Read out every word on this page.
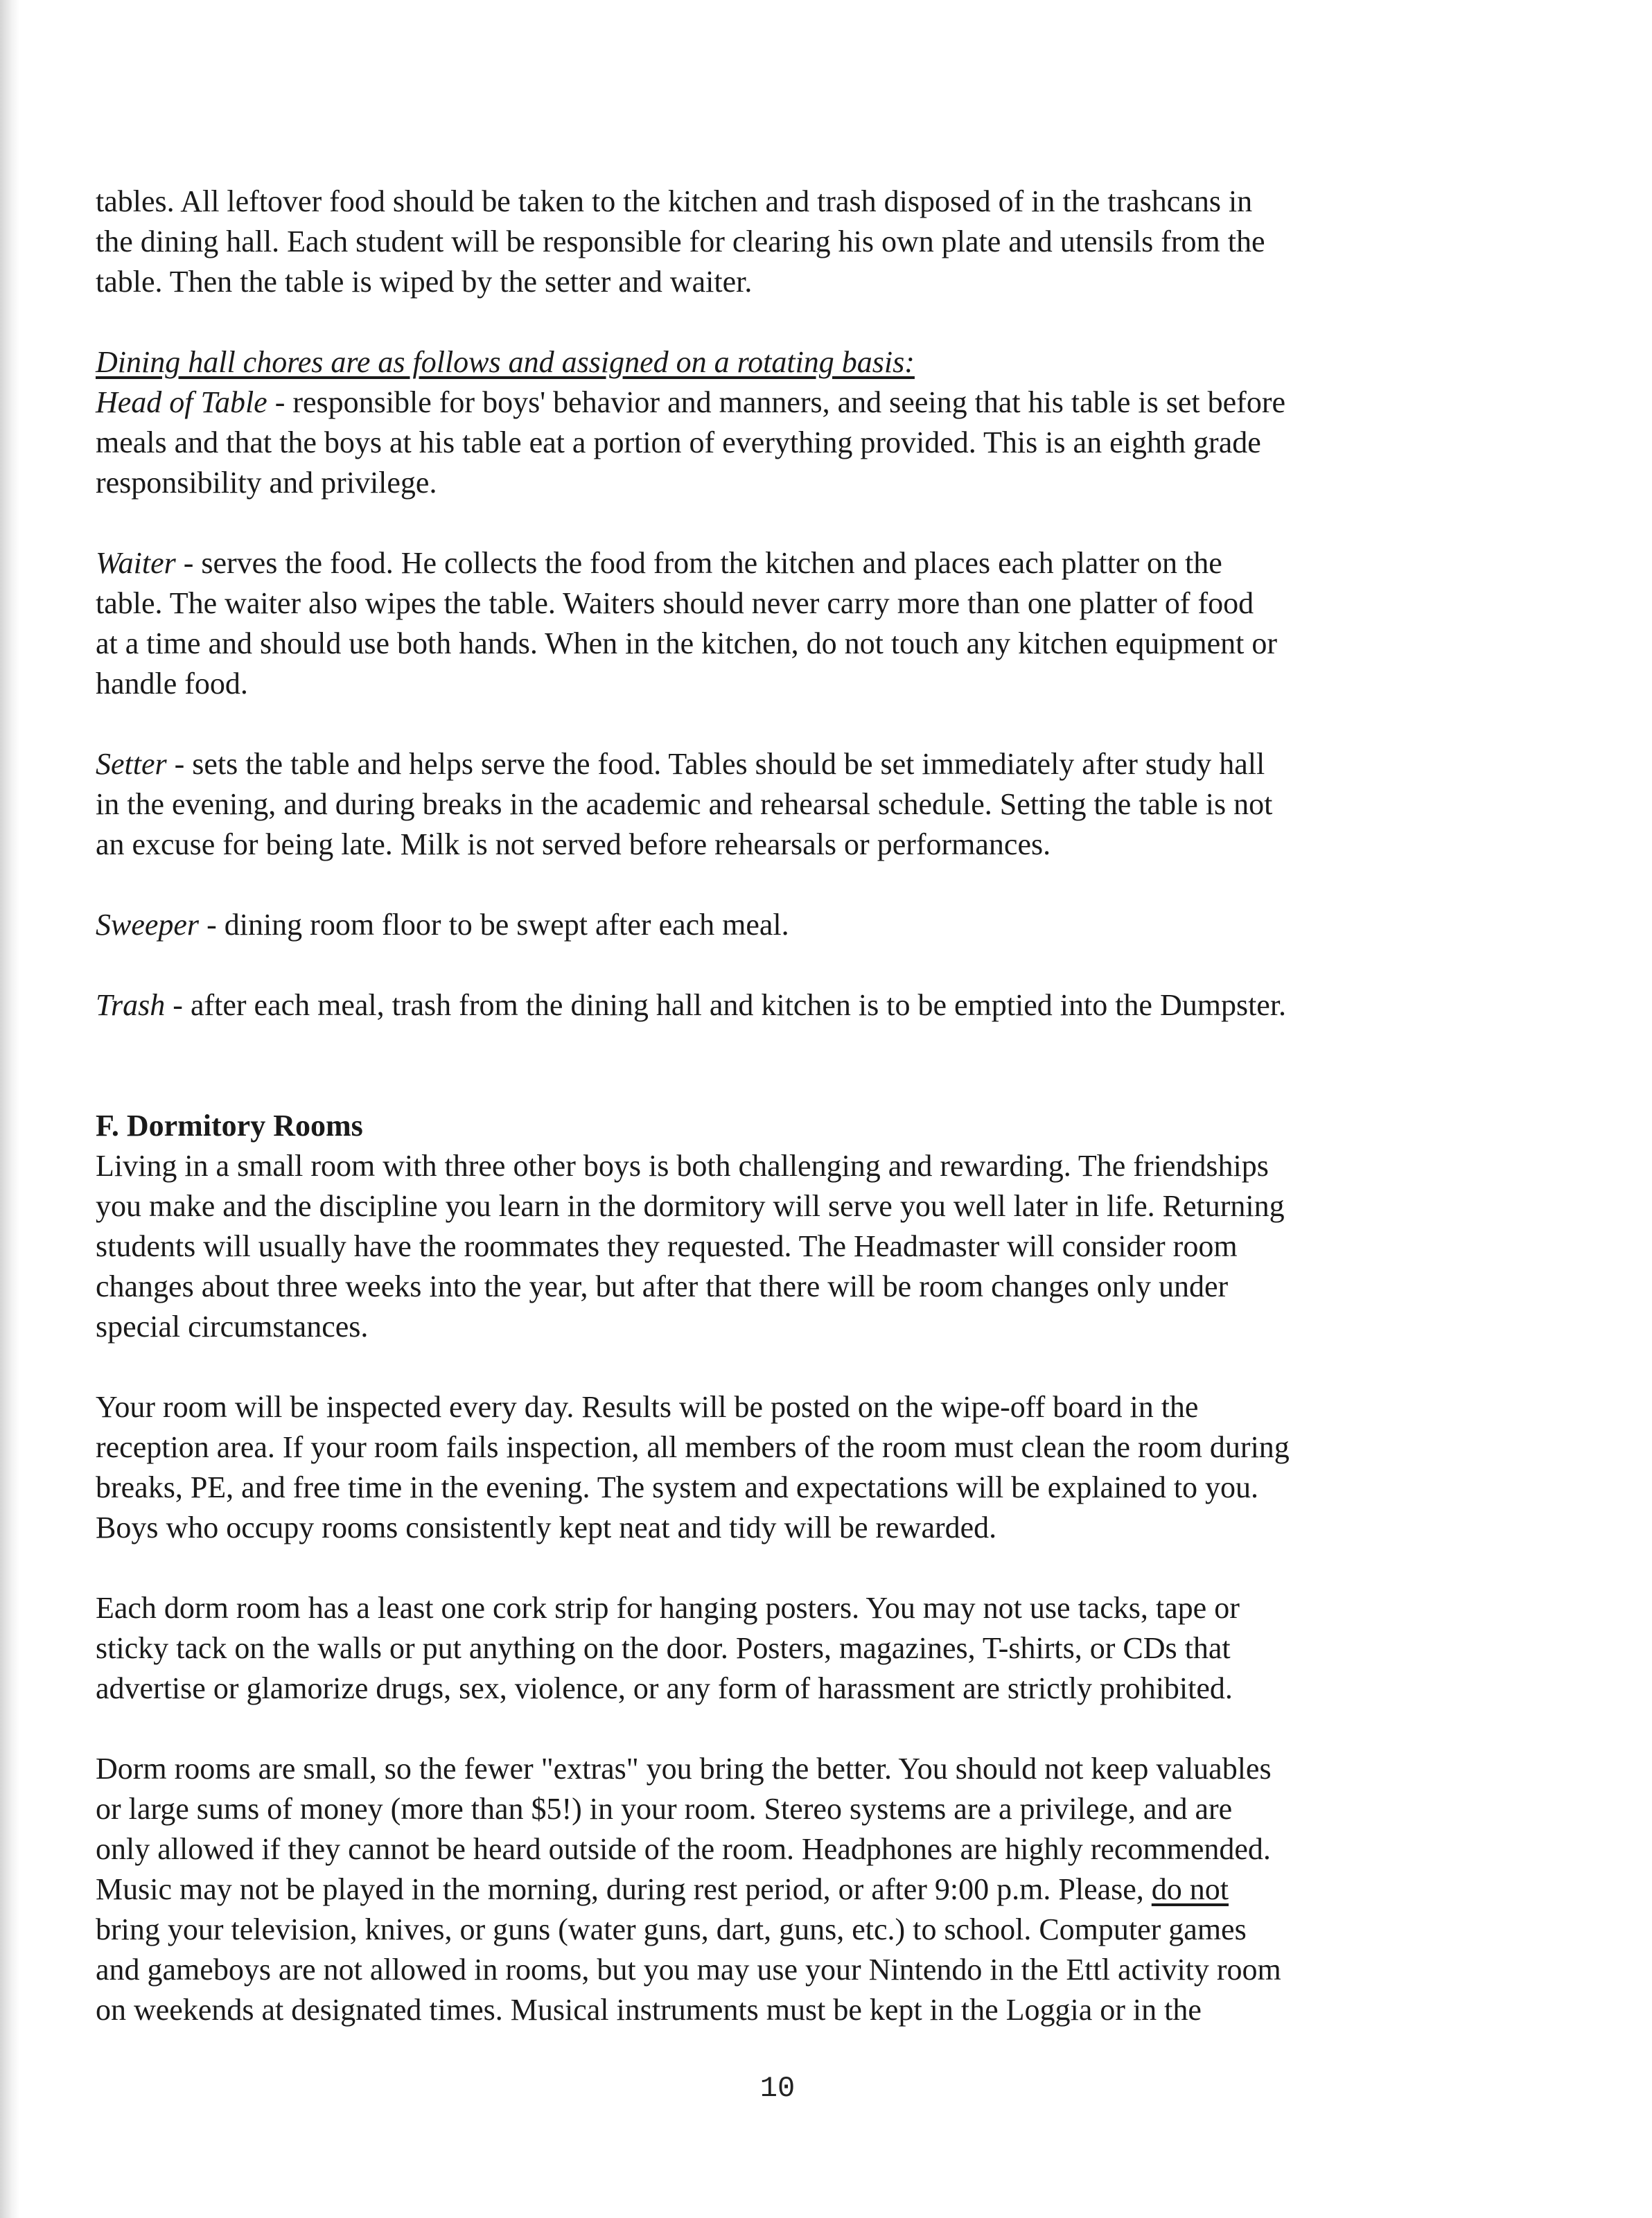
tables. All leftover food should be taken to the kitchen and trash disposed of in the trashcans in
the dining hall. Each student will be responsible for clearing his own plate and utensils from the
table. Then the table is wiped by the setter and waiter.
Dining hall chores are as follows and assigned on a rotating basis:
Head of Table - responsible for boys' behavior and manners, and seeing that his table is set before
meals and that the boys at his table eat a portion of everything provided. This is an eighth grade
responsibility and privilege.
Waiter - serves the food. He collects the food from the kitchen and places each platter on the
table. The waiter also wipes the table. Waiters should never carry more than one platter of food
at a time and should use both hands. When in the kitchen, do not touch any kitchen equipment or
handle food.
Setter - sets the table and helps serve the food. Tables should be set immediately after study hall
in the evening, and during breaks in the academic and rehearsal schedule. Setting the table is not
an excuse for being late. Milk is not served before rehearsals or performances.
Sweeper - dining room floor to be swept after each meal.
Trash - after each meal, trash from the dining hall and kitchen is to be emptied into the Dumpster.
F. Dormitory Rooms
Living in a small room with three other boys is both challenging and rewarding. The friendships
you make and the discipline you learn in the dormitory will serve you well later in life. Returning
students will usually have the roommates they requested. The Headmaster will consider room
changes about three weeks into the year, but after that there will be room changes only under
special circumstances.
Your room will be inspected every day. Results will be posted on the wipe-off board in the
reception area. If your room fails inspection, all members of the room must clean the room during
breaks, PE, and free time in the evening. The system and expectations will be explained to you.
Boys who occupy rooms consistently kept neat and tidy will be rewarded.
Each dorm room has a least one cork strip for hanging posters. You may not use tacks, tape or
sticky tack on the walls or put anything on the door. Posters, magazines, T-shirts, or CDs that
advertise or glamorize drugs, sex, violence, or any form of harassment are strictly prohibited.
Dorm rooms are small, so the fewer "extras" you bring the better. You should not keep valuables
or large sums of money (more than $5!) in your room. Stereo systems are a privilege, and are
only allowed if they cannot be heard outside of the room. Headphones are highly recommended.
Music may not be played in the morning, during rest period, or after 9:00 p.m. Please, do not
bring your television, knives, or guns (water guns, dart, guns, etc.) to school. Computer games
and gameboys are not allowed in rooms, but you may use your Nintendo in the Ettl activity room
on weekends at designated times. Musical instruments must be kept in the Loggia or in the
10
